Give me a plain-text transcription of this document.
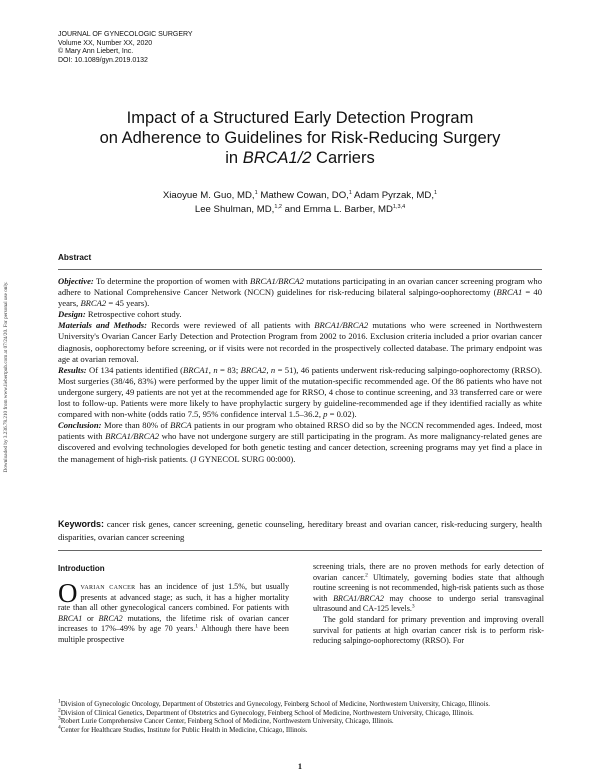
JOURNAL OF GYNECOLOGIC SURGERY
Volume XX, Number XX, 2020
© Mary Ann Liebert, Inc.
DOI: 10.1089/gyn.2019.0132
Downloaded by 3.236.78.210 from www.liebertpub.com at 07/24/20. For personal use only.
Impact of a Structured Early Detection Program
on Adherence to Guidelines for Risk-Reducing Surgery
in BRCA1/2 Carriers
Xiaoyue M. Guo, MD,$^1$ Mathew Cowan, DO,$^1$ Adam Pyrzak, MD,$^1$
Lee Shulman, MD,$^{1,2}$ and Emma L. Barber, MD$^{1,3,4}$
Abstract

Objective: To determine the proportion of women with BRCA1/BRCA2 mutations participating in an ovarian cancer screening program who adhere to National Comprehensive Cancer Network (NCCN) guidelines for risk-reducing bilateral salpingo-oophorectomy (BRCA1 = 40 years, BRCA2 = 45 years).

Design: Retrospective cohort study.

Materials and Methods: Records were reviewed of all patients with BRCA1/BRCA2 mutations who were screened in Northwestern University's Ovarian Cancer Early Detection and Protection Program from 2002 to 2016. Exclusion criteria included a prior ovarian cancer diagnosis, oophorectomy before screening, or if visits were not recorded in the prospectively collected database. The primary endpoint was age at ovarian removal.

Results: Of 134 patients identified (BRCA1, n = 83; BRCA2, n = 51), 46 patients underwent risk-reducing salpingo-oophorectomy (RRSO). Most surgeries (38/46, 83%) were performed by the upper limit of the mutation-specific recommended age. Of the 86 patients who have not undergone surgery, 49 patients are not yet at the recommended age for RRSO, 4 chose to continue screening, and 33 transferred care or were lost to follow-up. Patients were more likely to have prophylactic surgery by guideline-recommended age if they identified racially as white compared with non-white (odds ratio 7.5, 95% confidence interval 1.5–36.2, p = 0.02).

Conclusion: More than 80% of BRCA patients in our program who obtained RRSO did so by the NCCN recommended ages. Indeed, most patients with BRCA1/BRCA2 who have not undergone surgery are still participating in the program. As more malignancy-related genes are discovered and evolving technologies developed for both genetic testing and cancer detection, screening programs may yet find a place in the management of high-risk patients. (J GYNECOL SURG 00:000).

Keywords: cancer risk genes, cancer screening, genetic counseling, hereditary breast and ovarian cancer, risk-reducing surgery, health disparities, ovarian cancer screening
Introduction

Ovarian cancer has an incidence of just 1.5%, but usually presents at advanced stage; as such, it has a higher mortality rate than all other gynecological cancers combined. For patients with BRCA1 or BRCA2 mutations, the lifetime risk of ovarian cancer increases to 17%–49% by age 70 years.$^1$ Although there have been multiple prospective

screening trials, there are no proven methods for early detection of ovarian cancer.$^2$ Ultimately, governing bodies state that although routine screening is not recommended, high-risk patients such as those with BRCA1/BRCA2 may choose to undergo serial transvaginal ultrasound and CA-125 levels.$^3$

The gold standard for primary prevention and improving overall survival for patients at high ovarian cancer risk is to perform risk-reducing salpingo-oophorectomy (RRSO). For

$^1$Division of Gynecologic Oncology, Department of Obstetrics and Gynecology, Feinberg School of Medicine, Northwestern University, Chicago, Illinois.
$^2$Division of Clinical Genetics, Department of Obstetrics and Gynecology, Feinberg School of Medicine, Northwestern University, Chicago, Illinois.
$^3$Robert Lurie Comprehensive Cancer Center, Feinberg School of Medicine, Northwestern University, Chicago, Illinois.
$^4$Center for Healthcare Studies, Institute for Public Health in Medicine, Chicago, Illinois.
1
